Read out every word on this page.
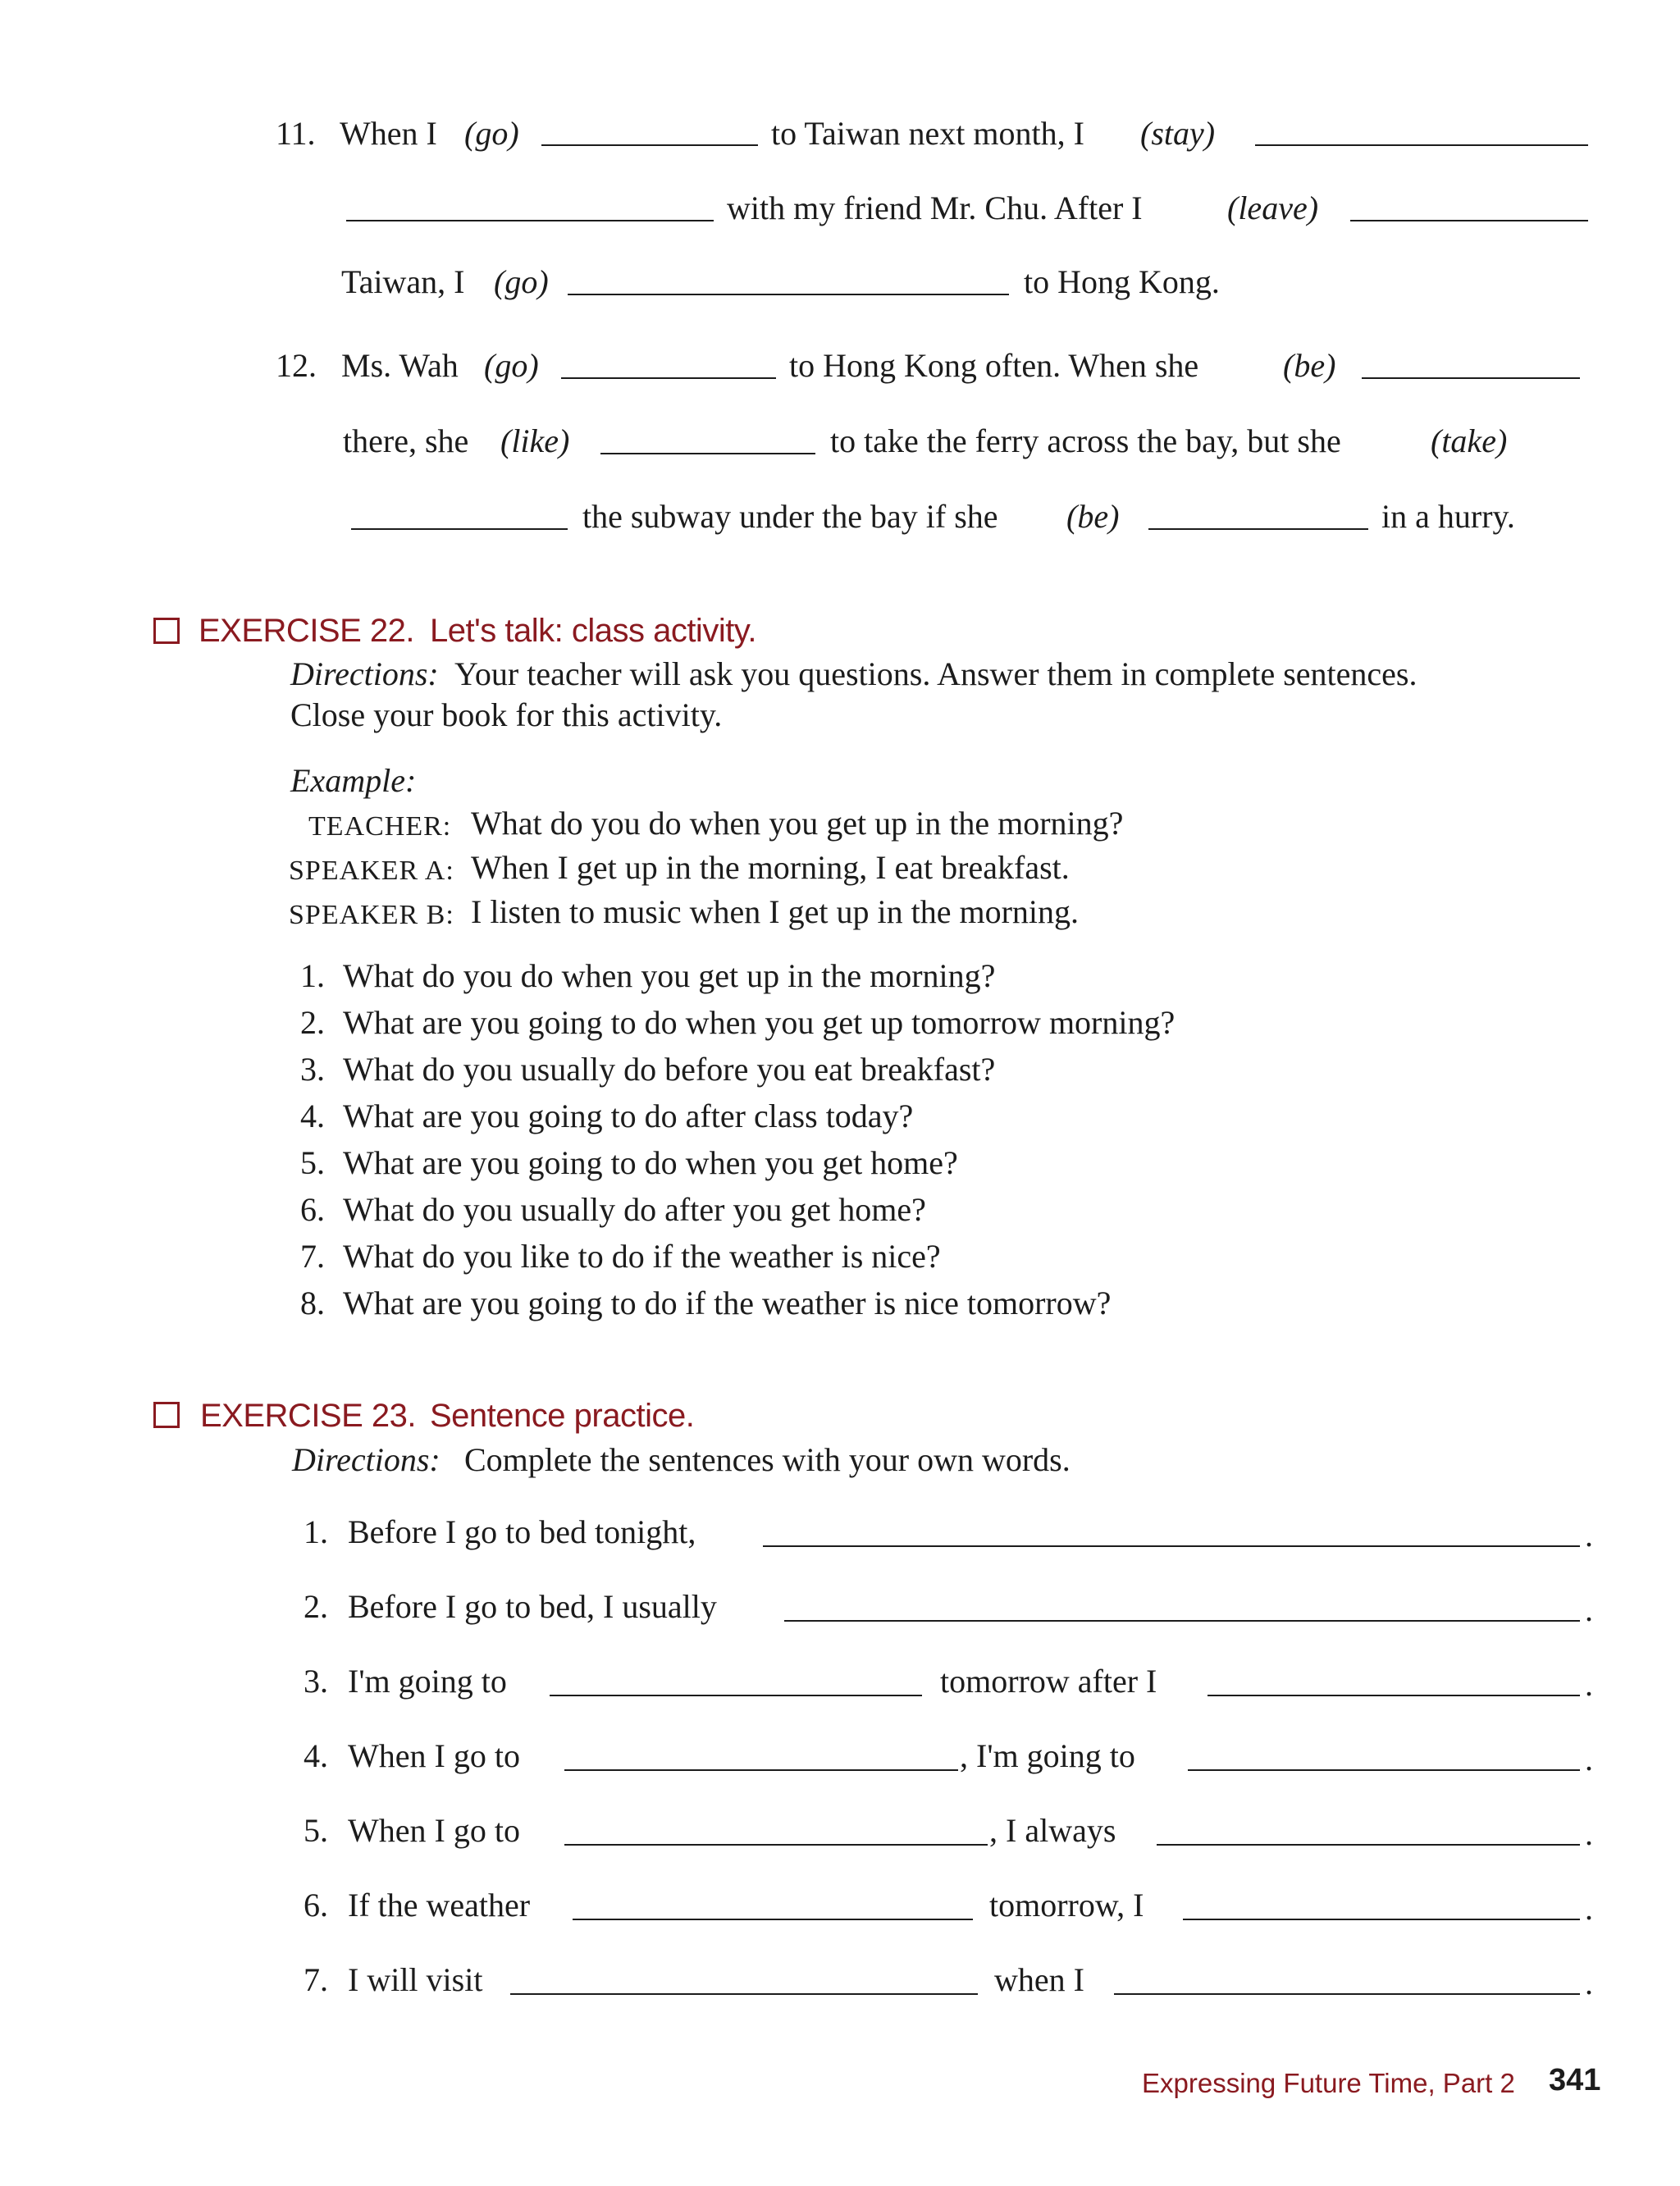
11. When I (go)	to Taiwan next month, I (stay)
with my friend Mr. Chu. After I	(leave)
Taiwan, I (go)	to Hong Kong.
12. Ms. Wah (go)	to Hong Kong often. When she	(be)
there, she (like)	to take the ferry across the bay, but she	(take)
the subway under the bay if she (be)	in a hurry.
EXERCISE 22. Let's talk: class activity.
Directions: Your teacher will ask you questions. Answer them in complete sentences.
Close your book for this activity.
Example:
TEACHER: What do you do when you get up in the morning?
SPEAKER A: When I get up in the morning, I eat breakfast.
SPEAKER B: I listen to music when I get up in the morning.
1. What do you do when you get up in the morning?
2. What are you going to do when you get up tomorrow morning?
3. What do you usually do before you eat breakfast?
4. What are you going to do after class today?
5. What are you going to do when you get home?
6. What do you usually do after you get home?
7. What do you like to do if the weather is nice?
8. What are you going to do if the weather is nice tomorrow?
EXERCISE 23. Sentence practice.
Directions: Complete the sentences with your own words.
1. Before I go to bed tonight,	.
2. Before I go to bed, I usually	.
3. I'm going to	tomorrow after I	.
4. When I go to	, I'm going to	.
5. When I go to	, I always	.
6. If the weather	tomorrow, I	.
7. I will visit	when I	.
Expressing Future Time, Part 2 341
